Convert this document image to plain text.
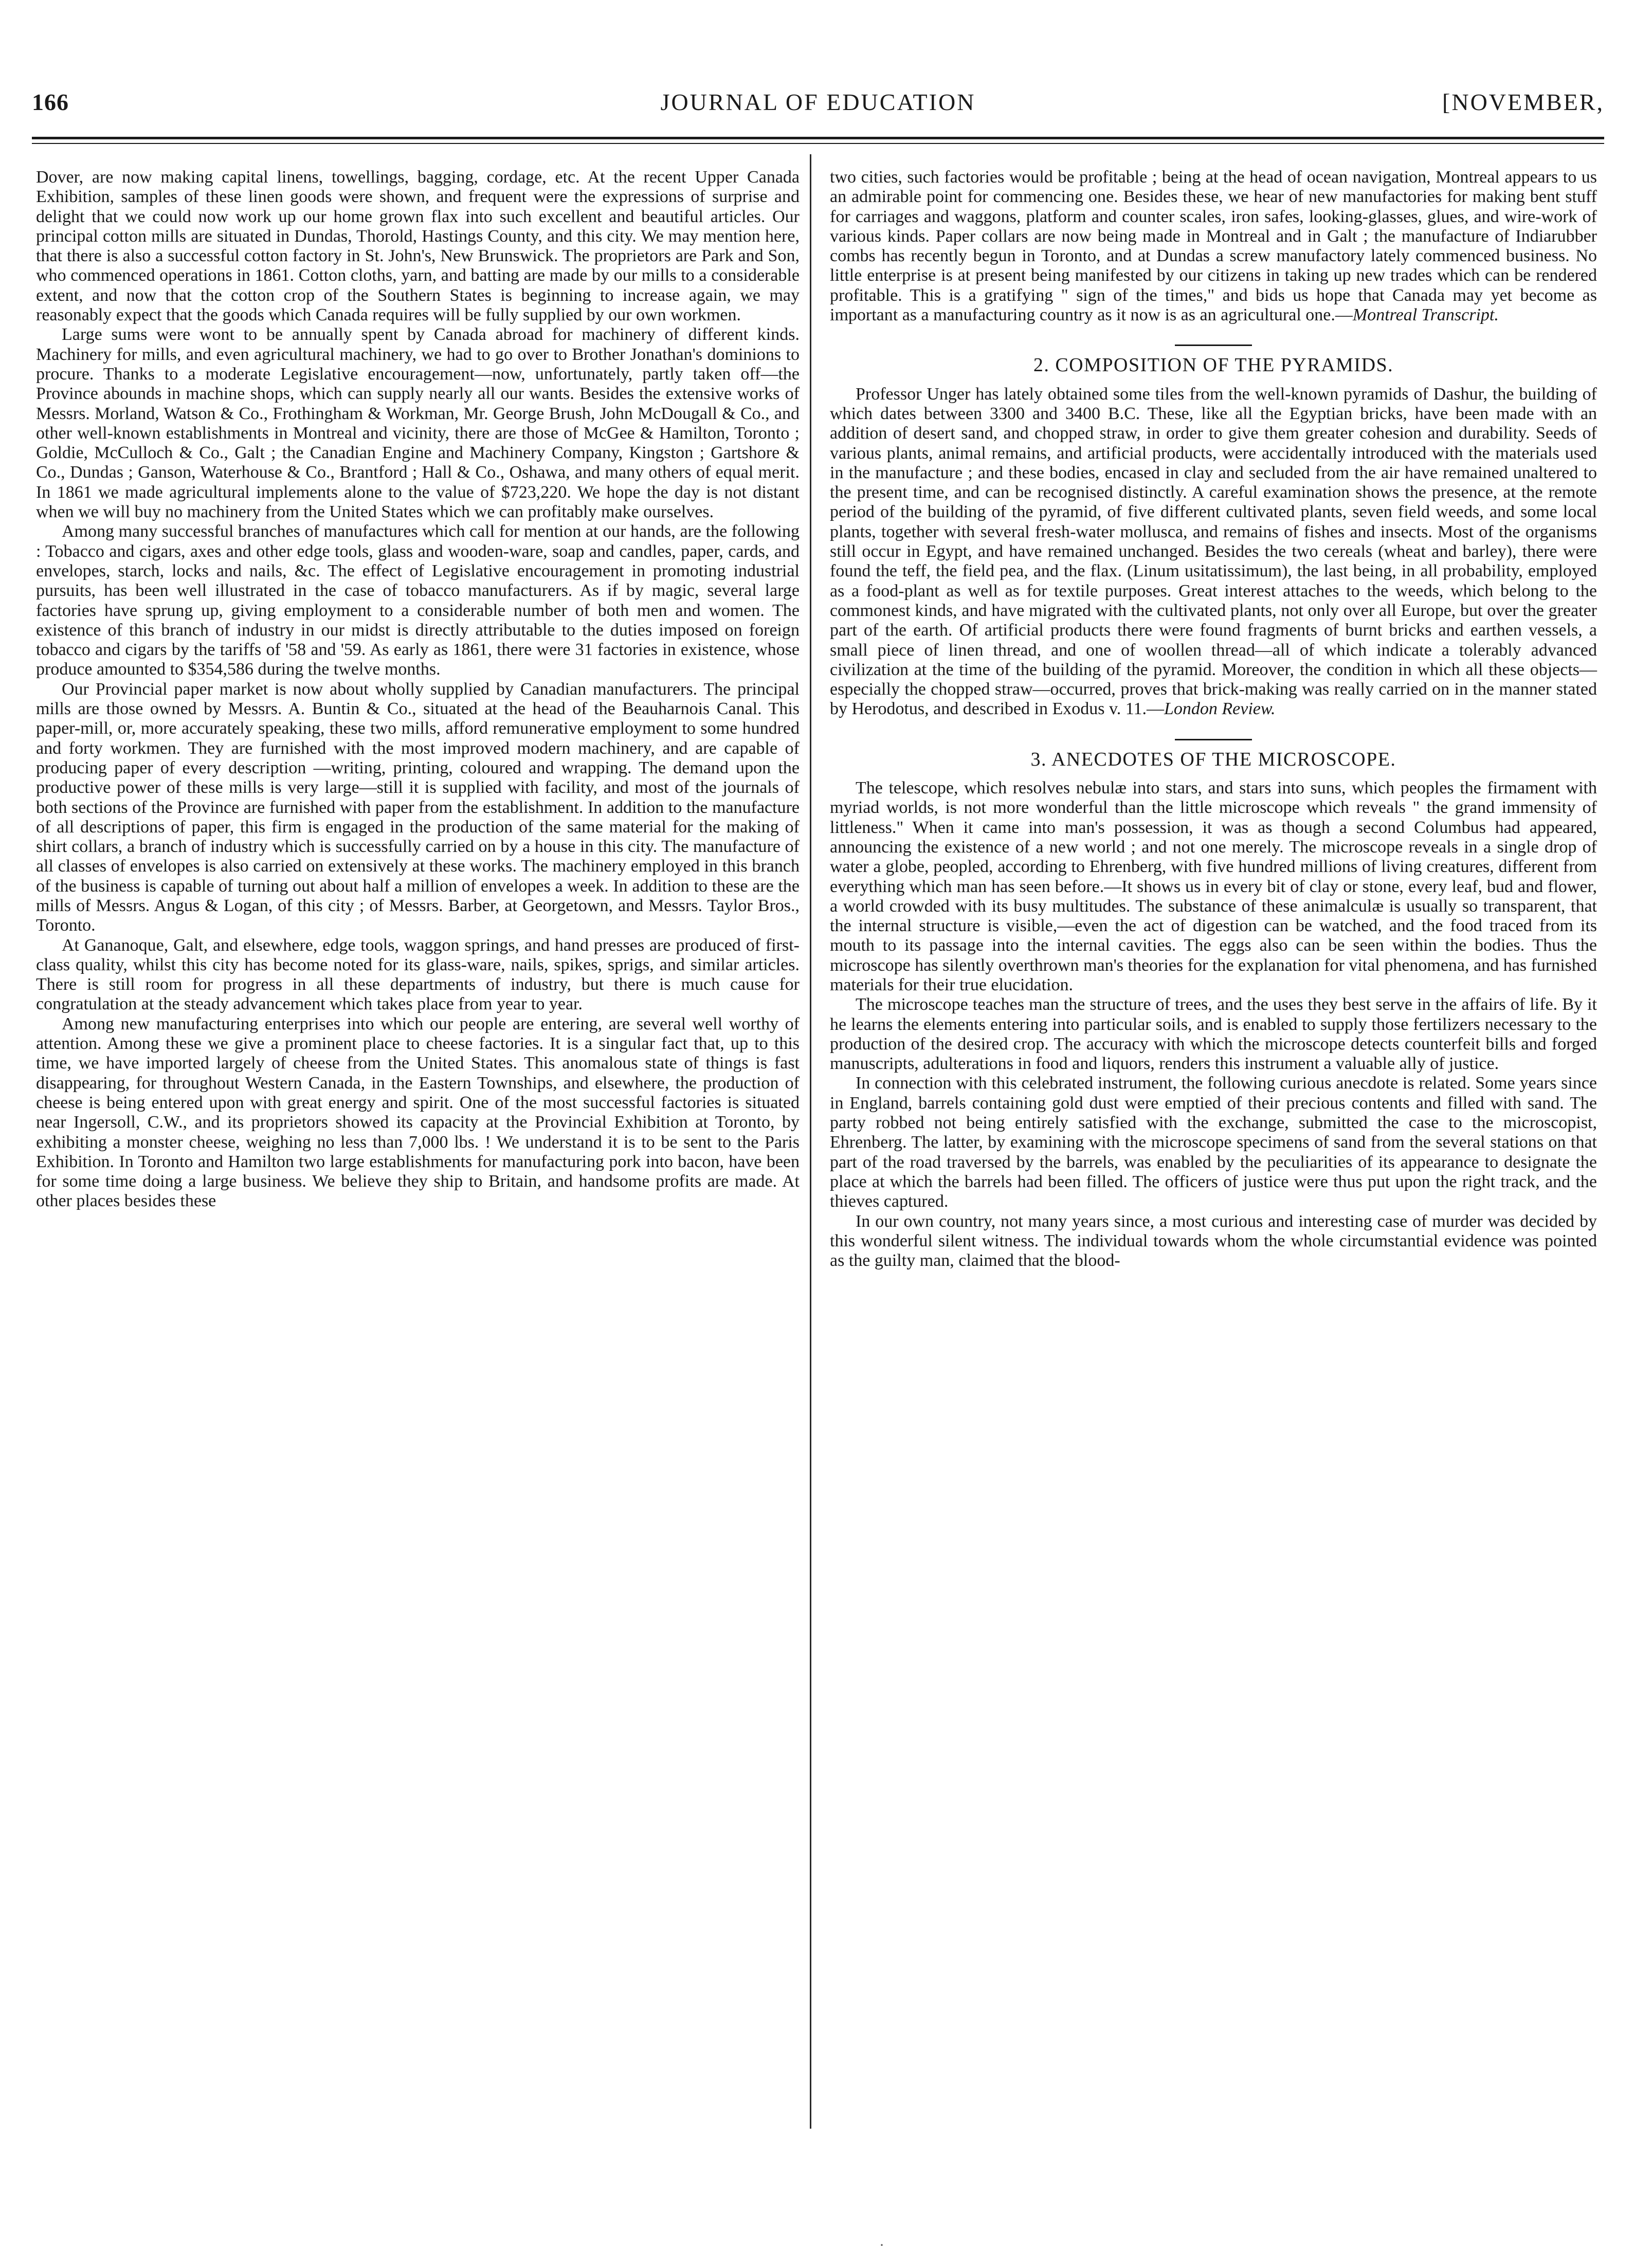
166	JOURNAL OF EDUCATION	[NOVEMBER,

Dover, are now making capital linens, towellings, bagging, cordage, etc. At the recent Upper Canada Exhibition, samples of these linen goods were shown, and frequent were the expressions of surprise and delight that we could now work up our home grown flax into such excellent and beautiful articles. Our principal cotton mills are situated in Dundas, Thorold, Hastings County, and this city. We may mention here, that there is also a successful cotton factory in St. John's, New Brunswick. The proprietors are Park and Son, who commenced operations in 1861. Cotton cloths, yarn, and batting are made by our mills to a considerable extent, and now that the cotton crop of the Southern States is beginning to increase again, we may reasonably expect that the goods which Canada requires will be fully supplied by our own workmen.

Large sums were wont to be annually spent by Canada abroad for machinery of different kinds. Machinery for mills, and even agricultural machinery, we had to go over to Brother Jonathan's dominions to procure. Thanks to a moderate Legislative encouragement—now, unfortunately, partly taken off—the Province abounds in machine shops, which can supply nearly all our wants. Besides the extensive works of Messrs. Morland, Watson & Co., Frothingham & Workman, Mr. George Brush, John McDougall & Co., and other well-known establishments in Montreal and vicinity, there are those of McGee & Hamilton, Toronto ; Goldie, McCulloch & Co., Galt ; the Canadian Engine and Machinery Company, Kingston ; Gartshore & Co., Dundas ; Ganson, Waterhouse & Co., Brantford ; Hall & Co., Oshawa, and many others of equal merit. In 1861 we made agricultural implements alone to the value of $723,220. We hope the day is not distant when we will buy no machinery from the United States which we can profitably make ourselves.

Among many successful branches of manufactures which call for mention at our hands, are the following : Tobacco and cigars, axes and other edge tools, glass and wooden-ware, soap and candles, paper, cards, and envelopes, starch, locks and nails, &c. The effect of Legislative encouragement in promoting industrial pursuits, has been well illustrated in the case of tobacco manufacturers. As if by magic, several large factories have sprung up, giving employment to a considerable number of both men and women. The existence of this branch of industry in our midst is directly attributable to the duties imposed on foreign tobacco and cigars by the tariffs of '58 and '59. As early as 1861, there were 31 factories in existence, whose produce amounted to $354,586 during the twelve months.

Our Provincial paper market is now about wholly supplied by Canadian manufacturers. The principal mills are those owned by Messrs. A. Buntin & Co., situated at the head of the Beauharnois Canal. This paper-mill, or, more accurately speaking, these two mills, afford remunerative employment to some hundred and forty workmen. They are furnished with the most improved modern machinery, and are capable of producing paper of every description —writing, printing, coloured and wrapping. The demand upon the productive power of these mills is very large—still it is supplied with facility, and most of the journals of both sections of the Province are furnished with paper from the establishment. In addition to the manufacture of all descriptions of paper, this firm is engaged in the production of the same material for the making of shirt collars, a branch of industry which is successfully carried on by a house in this city. The manufacture of all classes of envelopes is also carried on extensively at these works. The machinery employed in this branch of the business is capable of turning out about half a million of envelopes a week. In addition to these are the mills of Messrs. Angus & Logan, of this city ; of Messrs. Barber, at Georgetown, and Messrs. Taylor Bros., Toronto.

At Gananoque, Galt, and elsewhere, edge tools, waggon springs, and hand presses are produced of first-class quality, whilst this city has become noted for its glass-ware, nails, spikes, sprigs, and similar articles. There is still room for progress in all these departments of industry, but there is much cause for congratulation at the steady advancement which takes place from year to year.

Among new manufacturing enterprises into which our people are entering, are several well worthy of attention. Among these we give a prominent place to cheese factories. It is a singular fact that, up to this time, we have imported largely of cheese from the United States. This anomalous state of things is fast disappearing, for throughout Western Canada, in the Eastern Townships, and elsewhere, the production of cheese is being entered upon with great energy and spirit. One of the most successful factories is situated near Ingersoll, C.W., and its proprietors showed its capacity at the Provincial Exhibition at Toronto, by exhibiting a monster cheese, weighing no less than 7,000 lbs. ! We understand it is to be sent to the Paris Exhibition. In Toronto and Hamilton two large establishments for manufacturing pork into bacon, have been for some time doing a large business. We believe they ship to Britain, and handsome profits are made. At other places besides these

two cities, such factories would be profitable ; being at the head of ocean navigation, Montreal appears to us an admirable point for commencing one. Besides these, we hear of new manufactories for making bent stuff for carriages and waggons, platform and counter scales, iron safes, looking-glasses, glues, and wire-work of various kinds. Paper collars are now being made in Montreal and in Galt ; the manufacture of Indiarubber combs has recently begun in Toronto, and at Dundas a screw manufactory lately commenced business. No little enterprise is at present being manifested by our citizens in taking up new trades which can be rendered profitable. This is a gratifying " sign of the times," and bids us hope that Canada may yet become as important as a manufacturing country as it now is as an agricultural one.—Montreal Transcript.

2. COMPOSITION OF THE PYRAMIDS.

Professor Unger has lately obtained some tiles from the well-known pyramids of Dashur, the building of which dates between 3300 and 3400 B.C. These, like all the Egyptian bricks, have been made with an addition of desert sand, and chopped straw, in order to give them greater cohesion and durability. Seeds of various plants, animal remains, and artificial products, were accidentally introduced with the materials used in the manufacture ; and these bodies, encased in clay and secluded from the air have remained unaltered to the present time, and can be recognised distinctly. A careful examination shows the presence, at the remote period of the building of the pyramid, of five different cultivated plants, seven field weeds, and some local plants, together with several fresh-water mollusca, and remains of fishes and insects. Most of the organisms still occur in Egypt, and have remained unchanged. Besides the two cereals (wheat and barley), there were found the teff, the field pea, and the flax. (Linum usitatissimum), the last being, in all probability, employed as a food-plant as well as for textile purposes. Great interest attaches to the weeds, which belong to the commonest kinds, and have migrated with the cultivated plants, not only over all Europe, but over the greater part of the earth. Of artificial products there were found fragments of burnt bricks and earthen vessels, a small piece of linen thread, and one of woollen thread—all of which indicate a tolerably advanced civilization at the time of the building of the pyramid. Moreover, the condition in which all these objects—especially the chopped straw—occurred, proves that brick-making was really carried on in the manner stated by Herodotus, and described in Exodus v. 11.—London Review.

3. ANECDOTES OF THE MICROSCOPE.

The telescope, which resolves nebulæ into stars, and stars into suns, which peoples the firmament with myriad worlds, is not more wonderful than the little microscope which reveals " the grand immensity of littleness." When it came into man's possession, it was as though a second Columbus had appeared, announcing the existence of a new world ; and not one merely. The microscope reveals in a single drop of water a globe, peopled, according to Ehrenberg, with five hundred millions of living creatures, different from everything which man has seen before.—It shows us in every bit of clay or stone, every leaf, bud and flower, a world crowded with its busy multitudes. The substance of these animalculæ is usually so transparent, that the internal structure is visible,—even the act of digestion can be watched, and the food traced from its mouth to its passage into the internal cavities. The eggs also can be seen within the bodies. Thus the microscope has silently overthrown man's theories for the explanation for vital phenomena, and has furnished materials for their true elucidation.

The microscope teaches man the structure of trees, and the uses they best serve in the affairs of life. By it he learns the elements entering into particular soils, and is enabled to supply those fertilizers necessary to the production of the desired crop. The accuracy with which the microscope detects counterfeit bills and forged manuscripts, adulterations in food and liquors, renders this instrument a valuable ally of justice.

In connection with this celebrated instrument, the following curious anecdote is related. Some years since in England, barrels containing gold dust were emptied of their precious contents and filled with sand. The party robbed not being entirely satisfied with the exchange, submitted the case to the microscopist, Ehrenberg. The latter, by examining with the microscope specimens of sand from the several stations on that part of the road traversed by the barrels, was enabled by the peculiarities of its appearance to designate the place at which the barrels had been filled. The officers of justice were thus put upon the right track, and the thieves captured.

In our own country, not many years since, a most curious and interesting case of murder was decided by this wonderful silent witness. The individual towards whom the whole circumstantial evidence was pointed as the guilty man, claimed that the blood-

·
